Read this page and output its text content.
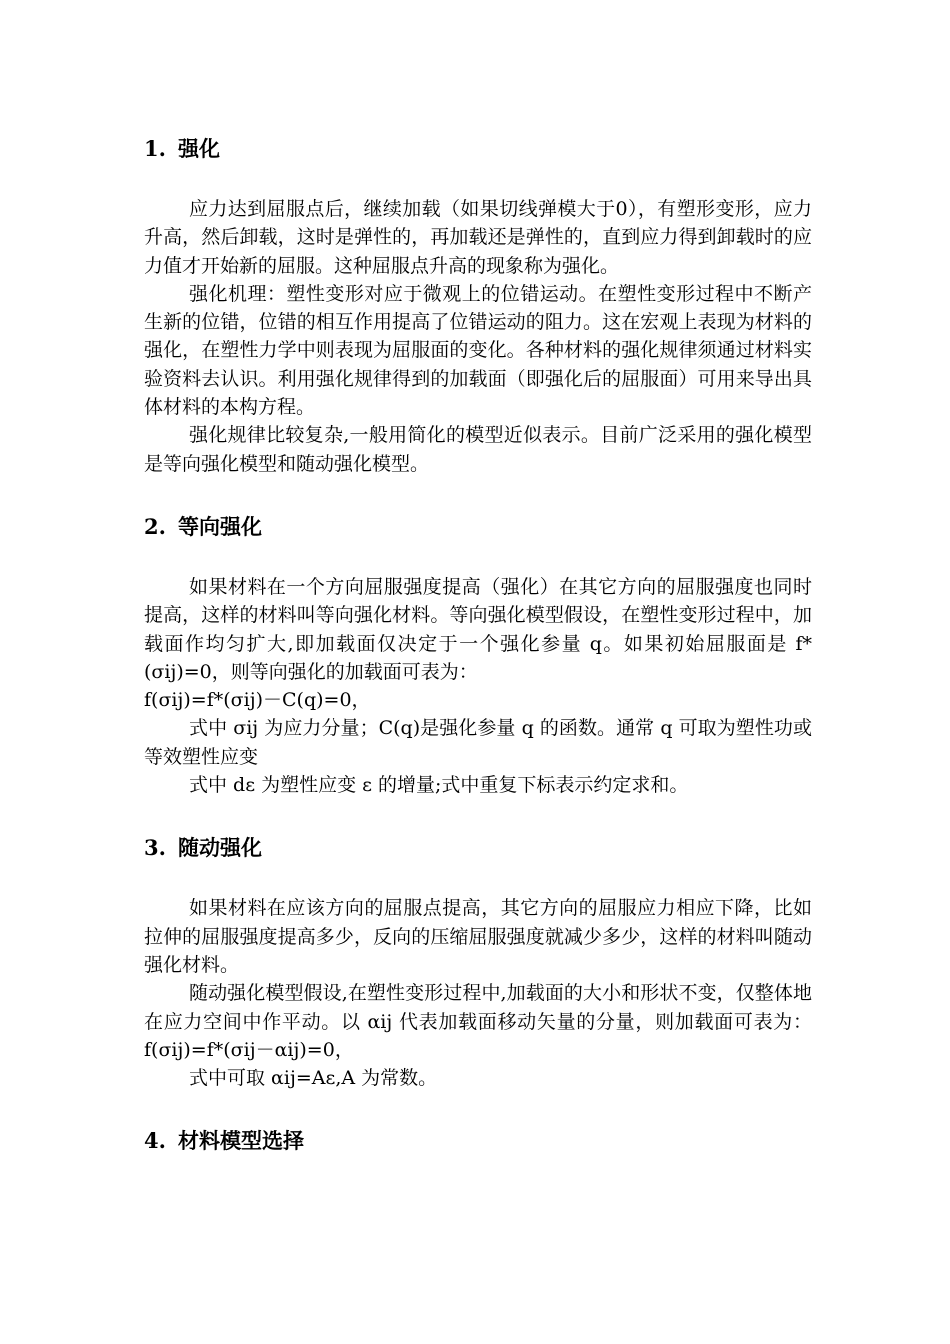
1. 强化

应力达到屈服点后，继续加载（如果切线弹模大于0），有塑形变形，应力升高，然后卸载，这时是弹性的，再加载还是弹性的，直到应力得到卸载时的应力值才开始新的屈服。这种屈服点升高的现象称为强化。

强化机理：塑性变形对应于微观上的位错运动。在塑性变形过程中不断产生新的位错，位错的相互作用提高了位错运动的阻力。这在宏观上表现为材料的强化，在塑性力学中则表现为屈服面的变化。各种材料的强化规律须通过材料实验资料去认识。利用强化规律得到的加载面（即强化后的屈服面）可用来导出具体材料的本构方程。

强化规律比较复杂,一般用简化的模型近似表示。目前广泛采用的强化模型是等向强化模型和随动强化模型。

2. 等向强化

如果材料在一个方向屈服强度提高（强化）在其它方向的屈服强度也同时提高，这样的材料叫等向强化材料。等向强化模型假设，在塑性变形过程中，加载面作均匀扩大,即加载面仅决定于一个强化参量 q。如果初始屈服面是 f*(σij)=0，则等向强化的加载面可表为：

f(σij)=f*(σij)－C(q)=0，

式中 σij 为应力分量；C(q)是强化参量 q 的函数。通常 q 可取为塑性功或等效塑性应变

式中 dε 为塑性应变 ε 的增量;式中重复下标表示约定求和。

3. 随动强化

如果材料在应该方向的屈服点提高，其它方向的屈服应力相应下降，比如拉伸的屈服强度提高多少，反向的压缩屈服强度就减少多少，这样的材料叫随动强化材料。

随动强化模型假设,在塑性变形过程中,加载面的大小和形状不变，仅整体地在应力空间中作平动。以 αij 代表加载面移动矢量的分量，则加载面可表为： f(σij)=f*(σij－αij)=0，

式中可取 αij=Aε,A 为常数。

4. 材料模型选择
